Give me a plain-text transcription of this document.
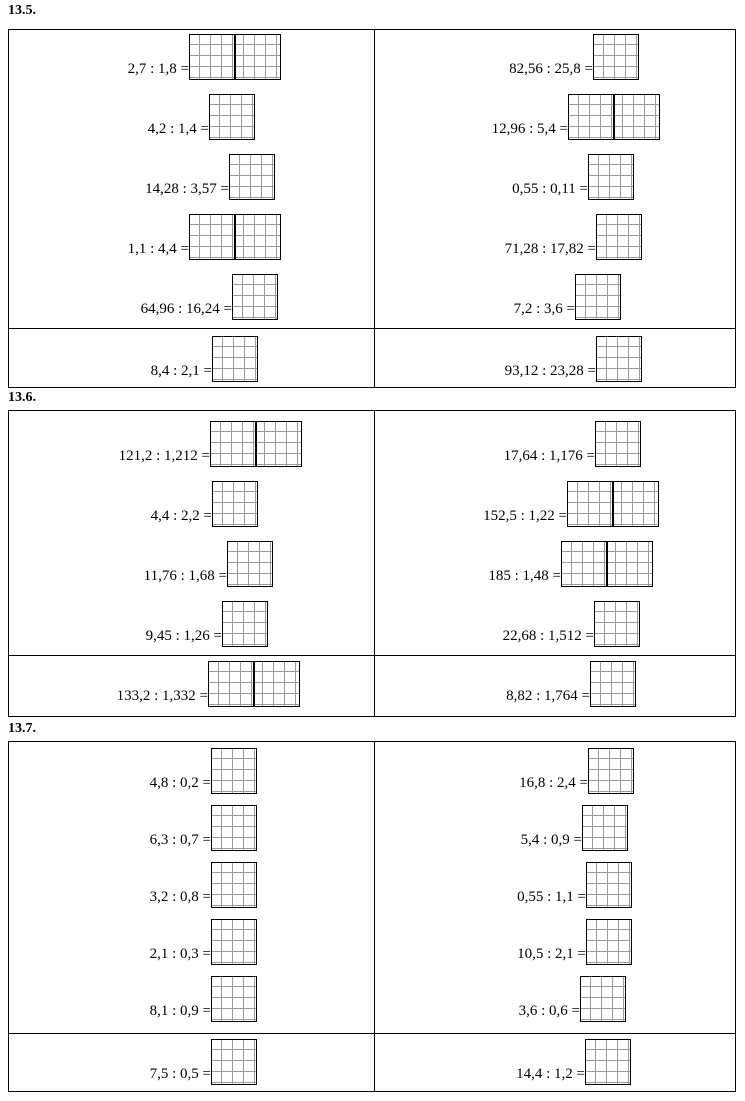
13.5.
2,7 : 1,8 =	82,56 : 25,8 =
4,2 : 1,4 =	12,96 : 5,4 =
14,28 : 3,57 =	0,55 : 0,11 =
1,1 : 4,4 =	71,28 : 17,82 =
64,96 : 16,24 =	7,2 : 3,6 =
8,4 : 2,1 =	93,12 : 23,28 =
13.6.
121,2 : 1,212 =	17,64 : 1,176 =
4,4 : 2,2 =	152,5 : 1,22 =
11,76 : 1,68 =	185 : 1,48 =
9,45 : 1,26 =	22,68 : 1,512 =
133,2 : 1,332 =	8,82 : 1,764 =
13.7.
4,8 : 0,2 =	16,8 : 2,4 =
6,3 : 0,7 =	5,4 : 0,9 =
3,2 : 0,8 =	0,55 : 1,1 =
2,1 : 0,3 =	10,5 : 2,1 =
8,1 : 0,9 =	3,6 : 0,6 =
7,5 : 0,5 =	14,4 : 1,2 =
